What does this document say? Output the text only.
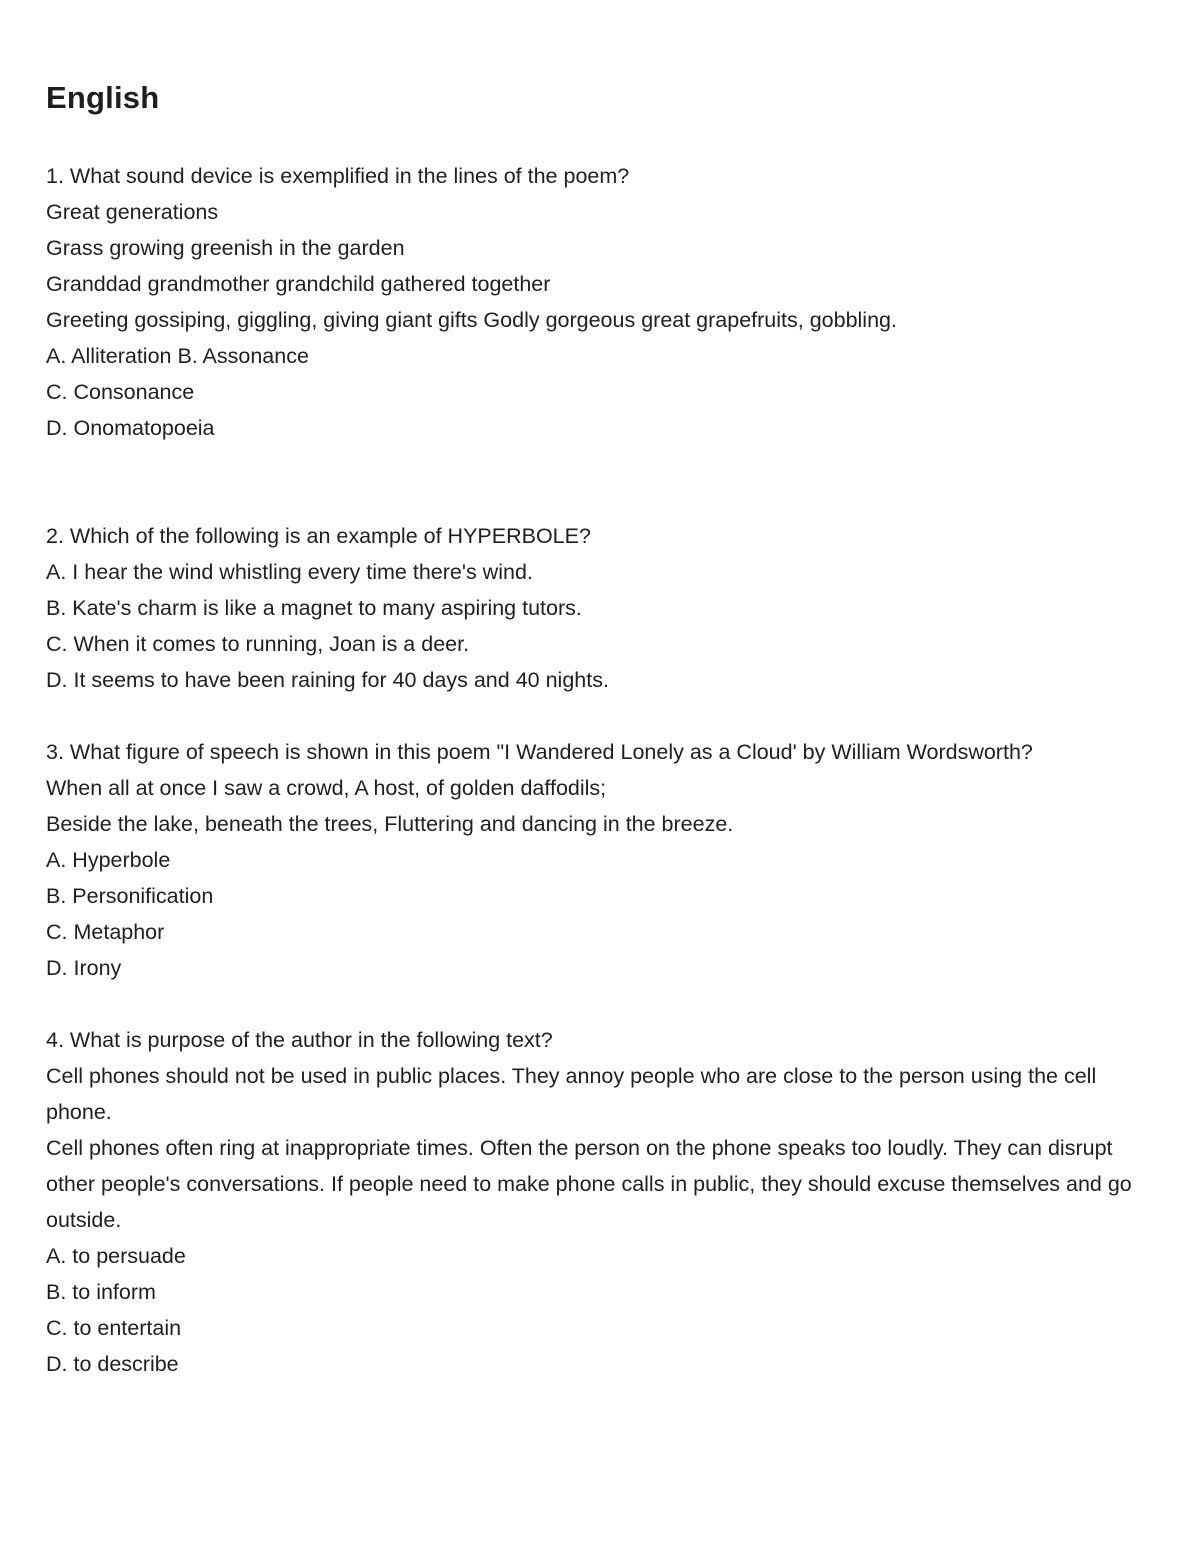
English
1. What sound device is exemplified in the lines of the poem?
Great generations
Grass growing greenish in the garden
Granddad grandmother grandchild gathered together
Greeting gossiping, giggling, giving giant gifts Godly gorgeous great grapefruits, gobbling.
A. Alliteration B. Assonance
C. Consonance
D. Onomatopoeia
2. Which of the following is an example of HYPERBOLE?
A. I hear the wind whistling every time there's wind.
B. Kate's charm is like a magnet to many aspiring tutors.
C. When it comes to running, Joan is a deer.
D. It seems to have been raining for 40 days and 40 nights.
3. What figure of speech is shown in this poem "I Wandered Lonely as a Cloud' by William Wordsworth?
When all at once I saw a crowd, A host, of golden daffodils;
Beside the lake, beneath the trees, Fluttering and dancing in the breeze.
A. Hyperbole
B. Personification
C. Metaphor
D. Irony
4. What is purpose of the author in the following text?
Cell phones should not be used in public places. They annoy people who are close to the person using the cell phone.
Cell phones often ring at inappropriate times. Often the person on the phone speaks too loudly. They can disrupt other people's conversations. If people need to make phone calls in public, they should excuse themselves and go outside.
A. to persuade
B. to inform
C. to entertain
D. to describe
